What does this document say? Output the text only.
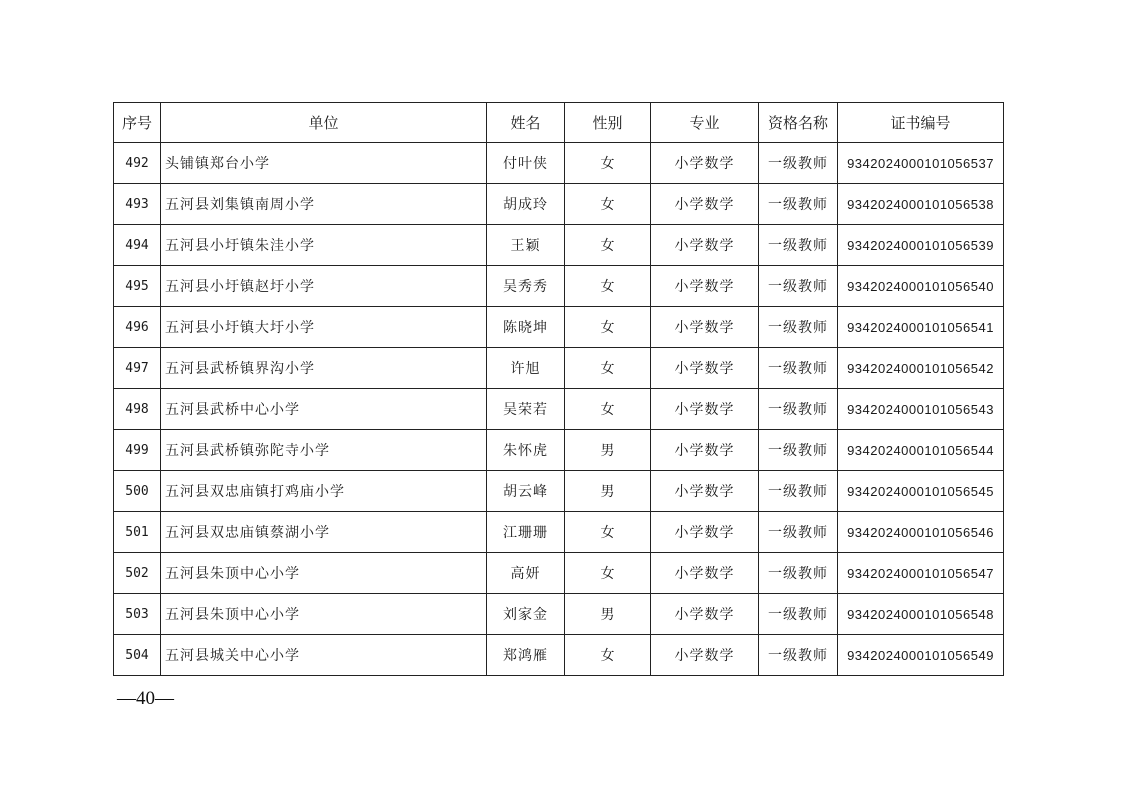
序号	单位	姓名	性别	专业	资格名称	证书编号
492	头铺镇郑台小学	付叶侠	女	小学数学	一级教师	934202400010105​6537
493	五河县刘集镇南周小学	胡成玲	女	小学数学	一级教师	9342024000101056538
494	五河县小圩镇朱洼小学	王颖	女	小学数学	一级教师	9342024000101056539
495	五河县小圩镇赵圩小学	吴秀秀	女	小学数学	一级教师	9342024000101056540
496	五河县小圩镇大圩小学	陈晓坤	女	小学数学	一级教师	9342024000101056541
497	五河县武桥镇界沟小学	许旭	女	小学数学	一级教师	9342024000101056542
498	五河县武桥中心小学	吴荣若	女	小学数学	一级教师	9342024000101056543
499	五河县武桥镇弥陀寺小学	朱怀虎	男	小学数学	一级教师	9342024000101056544
500	五河县双忠庙镇打鸡庙小学	胡云峰	男	小学数学	一级教师	9342024000101056545
501	五河县双忠庙镇蔡湖小学	江珊珊	女	小学数学	一级教师	9342024000101056546
502	五河县朱顶中心小学	高妍	女	小学数学	一级教师	9342024000101056547
503	五河县朱顶中心小学	刘家金	男	小学数学	一级教师	9342024000101056548
504	五河县城关中心小学	郑鸿雁	女	小学数学	一级教师	9342024000101056549
—40—
